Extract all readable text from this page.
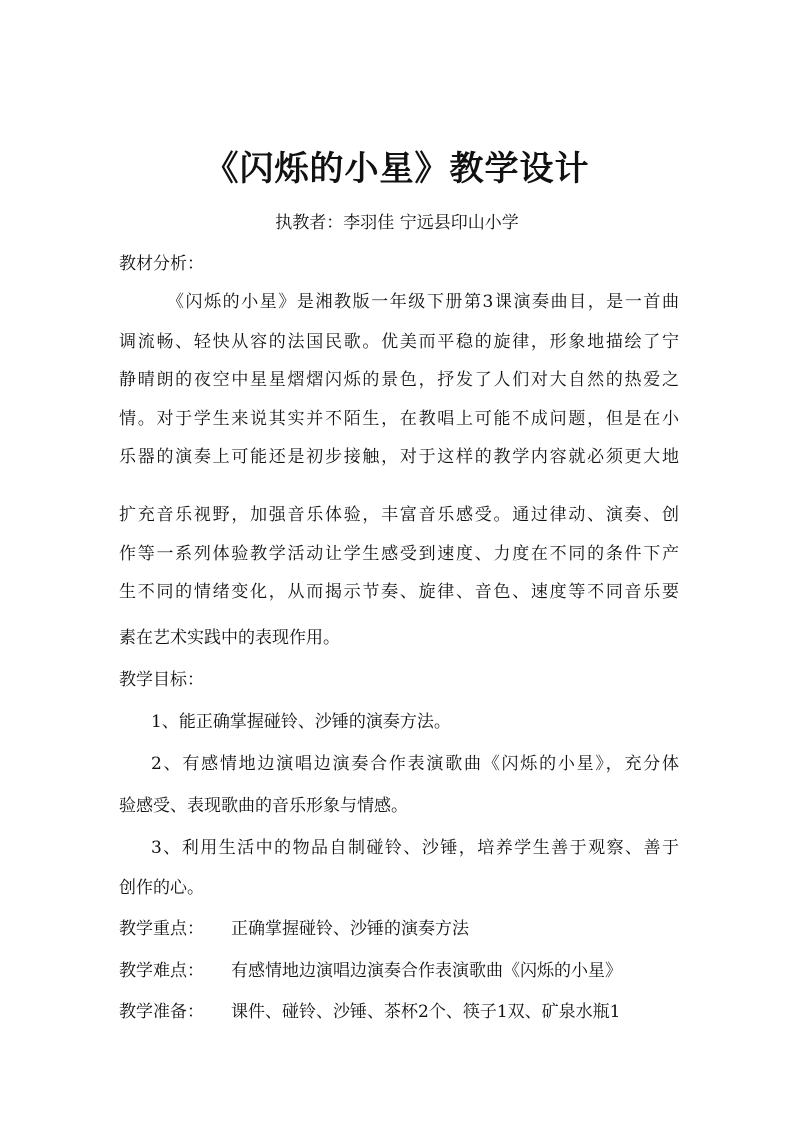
《闪烁的小星》教学设计
执教者：李羽佳 宁远县印山小学
教材分析：
《闪烁的小星》是湘教版一年级下册第3课演奏曲目，是一首曲
调流畅、轻快从容的法国民歌。优美而平稳的旋律，形象地描绘了宁
静晴朗的夜空中星星熠熠闪烁的景色，抒发了人们对大自然的热爱之
情。对于学生来说其实并不陌生，在教唱上可能不成问题，但是在小
乐器的演奏上可能还是初步接触，对于这样的教学内容就必须更大地
扩充音乐视野，加强音乐体验，丰富音乐感受。通过律动、演奏、创
作等一系列体验教学活动让学生感受到速度、力度在不同的条件下产
生不同的情绪变化，从而揭示节奏、旋律、音色、速度等不同音乐要
素在艺术实践中的表现作用。
教学目标：
1、能正确掌握碰铃、沙锤的演奏方法。
2、有感情地边演唱边演奏合作表演歌曲《闪烁的小星》，充分体
验感受、表现歌曲的音乐形象与情感。
3、利用生活中的物品自制碰铃、沙锤，培养学生善于观察、善于
创作的心。
教学重点： 正确掌握碰铃、沙锤的演奏方法
教学难点： 有感情地边演唱边演奏合作表演歌曲《闪烁的小星》
教学准备： 课件、碰铃、沙锤、茶杯2个、筷子1双、矿泉水瓶1
